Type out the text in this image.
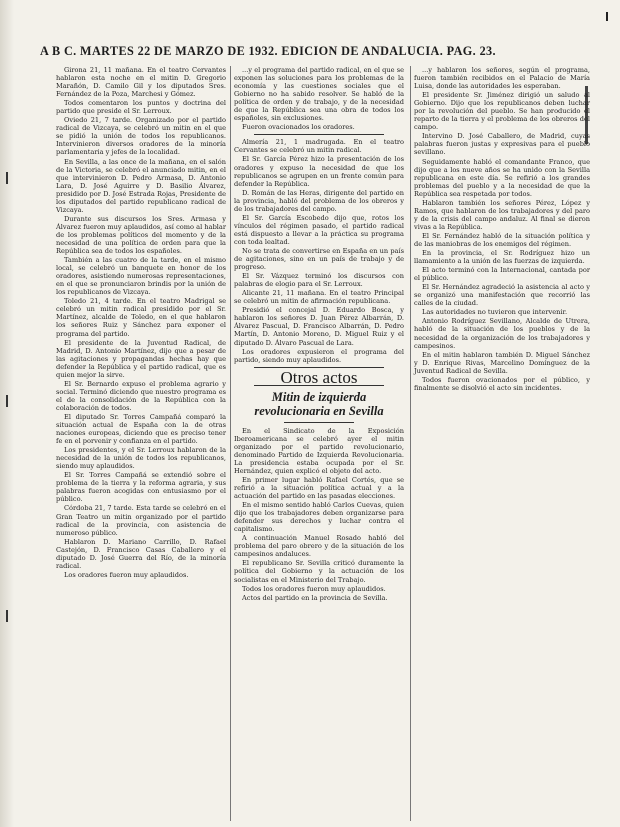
A B C. MARTES 22 DE MARZO DE 1932. EDICION DE ANDALUCIA. PAG. 23.

Girona 21, 11 mañana. En el teatro Cervantes hablaron esta noche en el mitin D. Gregorio Marañón, D. Camilo Gil y los diputados Sres. Fernández de la Poza, Marchesi y Gómez.

Todos comentaron los puntos y doctrina del partido que preside el Sr. Lerroux.

Oviedo 21, 7 tarde. Organizado por el partido radical de Vizcaya, se celebró un mitin en el que se pidió la unión de todos los republicanos. Intervinieron diversos oradores de la minoría parlamentaria y jefes de la localidad.

En Sevilla, a las once de la mañana, en el salón de la Victoria, se celebró el anunciado mitin, en el que intervinieron D. Pedro Armasa, D. Antonio Lara, D. José Aguirre y D. Basilio Álvarez, presidido por D. José Estrada Rojas, Presidente de los diputados del partido republicano radical de Vizcaya.

Durante sus discursos los Sres. Armasa y Álvarez fueron muy aplaudidos, así como al hablar de los problemas políticos del momento y de la necesidad de una política de orden para que la República sea de todos los españoles.

También a las cuatro de la tarde, en el mismo local, se celebró un banquete en honor de los oradores, asistiendo numerosas representaciones, en el que se pronunciaron brindis por la unión de los republicanos de Vizcaya.

Toledo 21, 4 tarde. En el teatro Madrigal se celebró un mitin radical presidido por el Sr. Martínez, alcalde de Toledo, en el que hablaron los señores Ruiz y Sánchez para exponer el programa del partido.

El presidente de la Juventud Radical, de Madrid, D. Antonio Martínez, dijo que a pesar de las agitaciones y propagandas hechas hay que defender la República y el partido radical, que es quien mejor la sirve.

El Sr. Bernardo expuso el problema agrario y social. Terminó diciendo que nuestro programa es el de la consolidación de la República con la colaboración de todos.

El diputado Sr. Torres Campañá comparó la situación actual de España con la de otras naciones europeas, diciendo que es preciso tener fe en el porvenir y confianza en el partido.

Los presidentes, y el Sr. Lerroux hablaron de la necesidad de la unión de todos los republicanos, siendo muy aplaudidos.

El Sr. Torres Campañá se extendió sobre el problema de la tierra y la reforma agraria, y sus palabras fueron acogidas con entusiasmo por el público.

Córdoba 21, 7 tarde. Esta tarde se celebró en el Gran Teatro un mitin organizado por el partido radical de la provincia, con asistencia de numeroso público.

Hablaron D. Mariano Carrillo, D. Rafael Castejón, D. Francisco Casas Caballero y el diputado D. José Guerra del Río, de la minoría radical.

Los oradores fueron muy aplaudidos.

...y el programa del partido radical, en el que se exponen las soluciones para los problemas de la economía y las cuestiones sociales que el Gobierno no ha sabido resolver. Se habló de la política de orden y de trabajo, y de la necesidad de que la República sea una obra de todos los españoles, sin exclusiones.

Fueron ovacionados los oradores.

Almería 21, 1 madrugada. En el teatro Cervantes se celebró un mitin radical.

El Sr. García Pérez hizo la presentación de los oradores y expuso la necesidad de que los republicanos se agrupen en un frente común para defender la República.

D. Román de las Heras, dirigente del partido en la provincia, habló del problema de los obreros y de los trabajadores del campo.

El Sr. García Escobedo dijo que, rotos los vínculos del régimen pasado, el partido radical está dispuesto a llevar a la práctica su programa con toda lealtad.

No se trata de convertirse en España en un país de agitaciones, sino en un país de trabajo y de progreso.

El Sr. Vázquez terminó los discursos con palabras de elogio para el Sr. Lerroux.

Alicante 21, 11 mañana. En el teatro Principal se celebró un mitin de afirmación republicana.

Presidió el concejal D. Eduardo Bosca, y hablaron los señores D. Juan Pérez Albarrán, D. Álvarez Pascual, D. Francisco Albarrán, D. Pedro Martín, D. Antonio Moreno, D. Miguel Ruiz y el diputado D. Álvaro Pascual de Lara.

Los oradores expusieron el programa del partido, siendo muy aplaudidos.

Otros actos
Mitin de izquierda revolucionaria en Sevilla

En el Sindicato de la Exposición Iberoamericana se celebró ayer el mitin organizado por el partido revolucionario, denominado Partido de Izquierda Revolucionaria. La presidencia estaba ocupada por el Sr. Hernández, quien explicó el objeto del acto.

En primer lugar habló Rafael Cortés, que se refirió a la situación política actual y a la actuación del partido en las pasadas elecciones.

En el mismo sentido habló Carlos Cuevas, quien dijo que los trabajadores deben organizarse para defender sus derechos y luchar contra el capitalismo.

A continuación Manuel Rosado habló del problema del paro obrero y de la situación de los campesinos andaluces.

El republicano Sr. Sevilla criticó duramente la política del Gobierno y la actuación de los socialistas en el Ministerio del Trabajo.

Todos los oradores fueron muy aplaudidos.

Actos del partido en la provincia de Sevilla.

...y hablaron los señores, según el programa, fueron también recibidos en el Palacio de María Luisa, donde las autoridades les esperaban.

El presidente Sr. Jiménez dirigió un saludo al Gobierno. Dijo que los republicanos deben luchar por la revolución del pueblo. Se han producido el reparto de la tierra y el problema de los obreros del campo.

Intervino D. José Caballero, de Madrid, cuyas palabras fueron justas y expresivas para el pueblo sevillano.

Seguidamente habló el comandante Franco, que dijo que a los nueve años se ha unido con la Sevilla republicana en este día. Se refirió a los grandes problemas del pueblo y a la necesidad de que la República sea respetada por todos.

Hablaron también los señores Pérez, López y Ramos, que hablaron de los trabajadores y del paro y de la crisis del campo andaluz. Al final se dieron vivas a la República.

El Sr. Fernández habló de la situación política y de las maniobras de los enemigos del régimen.

En la provincia, el Sr. Rodríguez hizo un llamamiento a la unión de las fuerzas de izquierda.

El acto terminó con la Internacional, cantada por el público.

El Sr. Hernández agradeció la asistencia al acto y se organizó una manifestación que recorrió las calles de la ciudad.

Las autoridades no tuvieron que intervenir.

Antonio Rodríguez Sevillano, Alcalde de Utrera, habló de la situación de los pueblos y de la necesidad de la organización de los trabajadores y campesinos.

En el mitin hablaron también D. Miguel Sánchez y D. Enrique Rivas, Marcelino Domínguez de la Juventud Radical de Sevilla.

Todos fueron ovacionados por el público, y finalmente se disolvió el acto sin incidentes.
